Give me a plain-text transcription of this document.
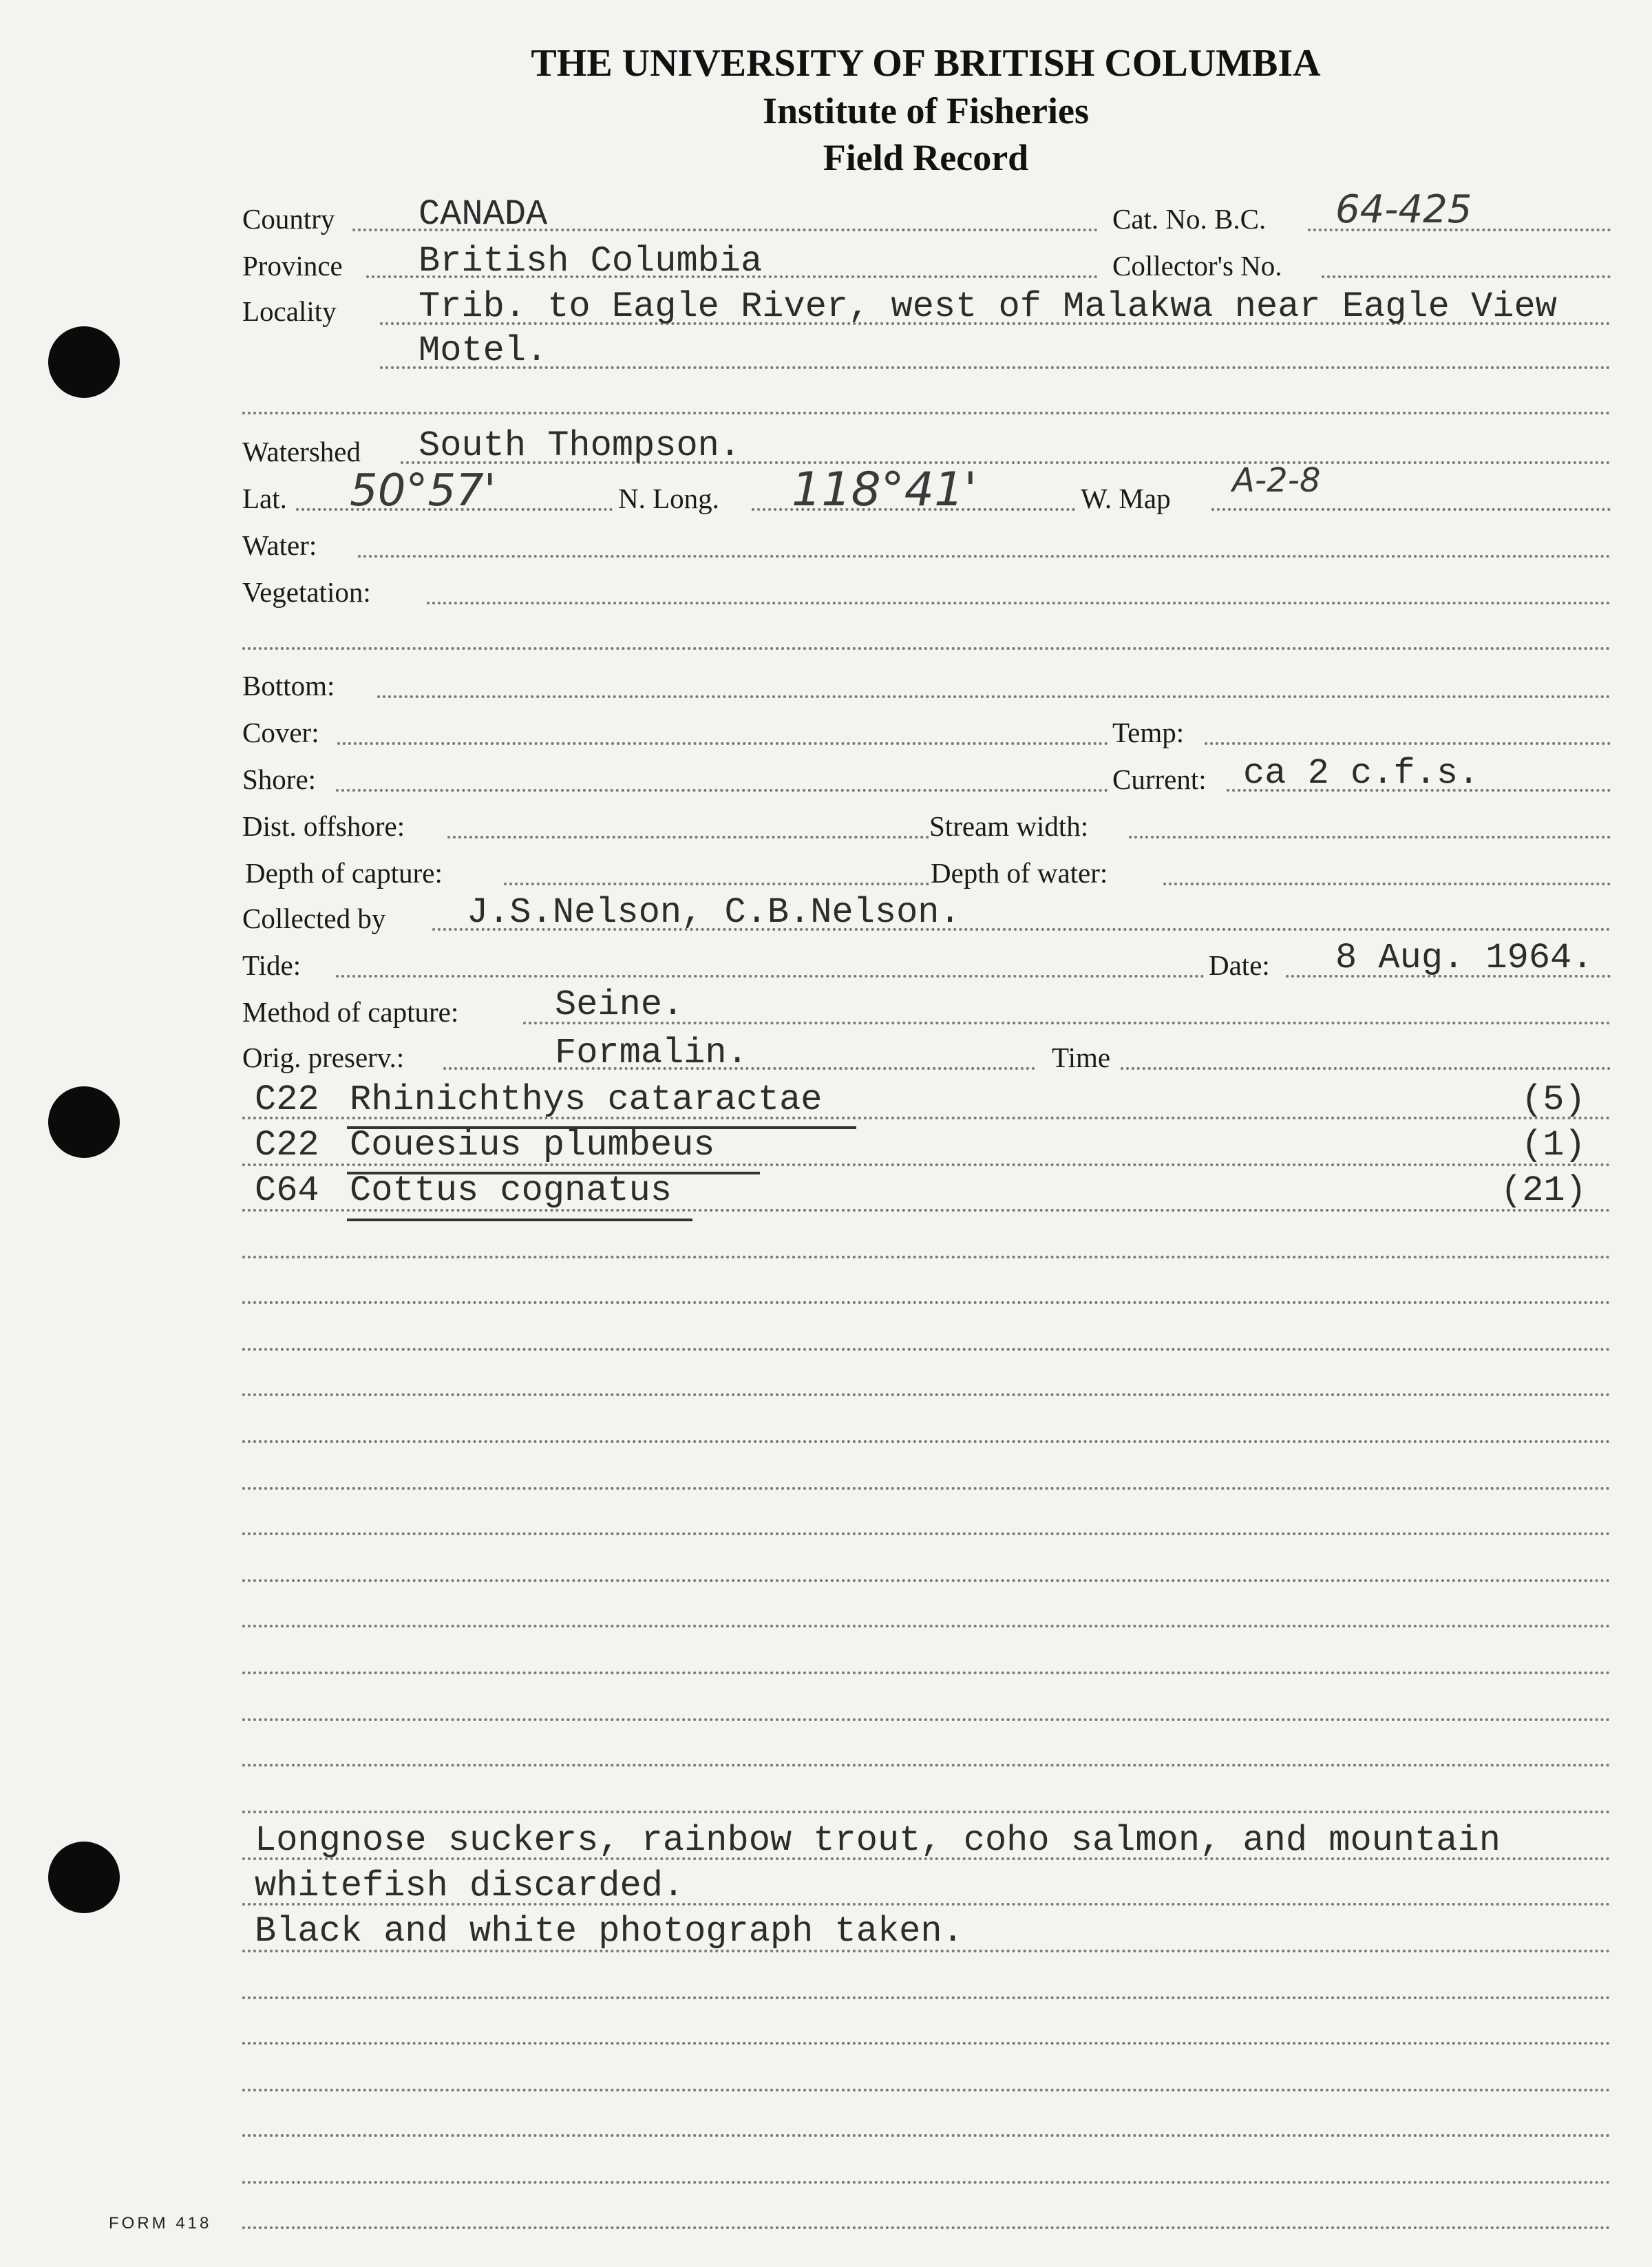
THE UNIVERSITY OF BRITISH COLUMBIA
Institute of Fisheries
Field Record
Country CANADA	Cat. No. B.C. 64-425
Province British Columbia	Collector's No.
Locality Trib. to Eagle River, west of Malakwa near Eagle View
Motel.
Watershed South Thompson.
Lat. 50°57'	N. Long. 118°41'	W. Map A-2-8
Water:
Vegetation:
Bottom:
Cover:	Temp:
Shore:	Current: ca 2 c.f.s.
Dist. offshore:	Stream width:
Depth of capture:	Depth of water:
Collected by J.S.Nelson, C.B.Nelson.
Tide:	Date: 8 Aug. 1964.
Method of capture:	Seine.
Orig. preserv.:	Formalin.	Time
C22 Rhinichthys cataractae	(5)
C22 Couesius plumbeus	(1)
C64 Cottus cognatus	(21)
Longnose suckers, rainbow trout, coho salmon, and mountain
whitefish discarded.
Black and white photograph taken.
FORM 418
